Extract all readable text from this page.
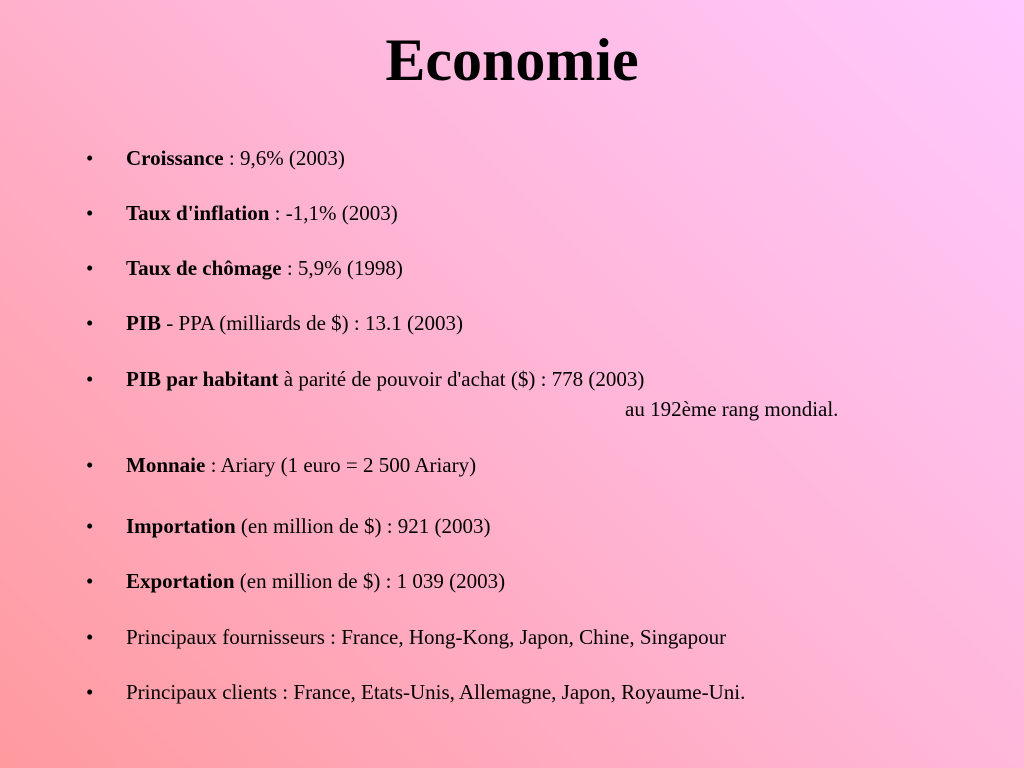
Economie
• Croissance : 9,6% (2003)
• Taux d'inflation : -1,1% (2003)
• Taux de chômage : 5,9% (1998)
• PIB - PPA (milliards de $) : 13.1 (2003)
• PIB par habitant à parité de pouvoir d'achat ($) : 778 (2003)
au 192ème rang mondial.
• Monnaie : Ariary (1 euro = 2 500 Ariary)
• Importation (en million de $) : 921 (2003)
• Exportation (en million de $) : 1 039 (2003)
• Principaux fournisseurs : France, Hong-Kong, Japon, Chine, Singapour
• Principaux clients : France, Etats-Unis, Allemagne, Japon, Royaume-Uni.
